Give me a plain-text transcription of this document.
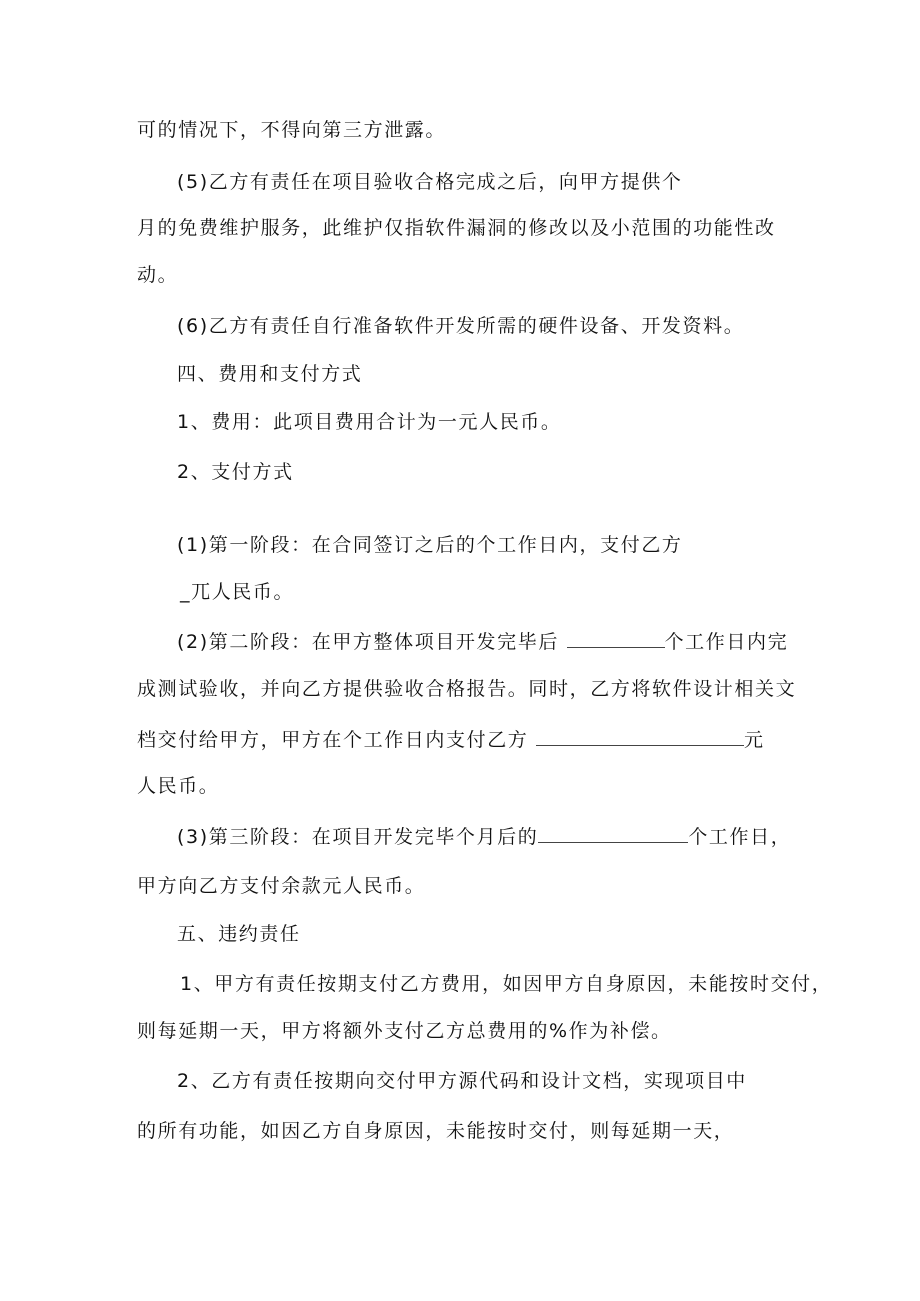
可的情况下，不得向第三方泄露。
(5)乙方有责任在项目验收合格完成之后，向甲方提供个
月的免费维护服务，此维护仅指软件漏洞的修改以及小范围的功能性改
动。
(6)乙方有责任自行准备软件开发所需的硬件设备、开发资料。
四、费用和支付方式
1、费用：此项目费用合计为一元人民币。
2、支付方式
(1)第一阶段：在合同签订之后的个工作日内，支付乙方
_兀人民币。
(2)第二阶段：在甲方整体项目开发完毕后	个工作日内完
成测试验收，并向乙方提供验收合格报告。同时，乙方将软件设计相关文
档交付给甲方，甲方在个工作日内支付乙方	元
人民币。
(3)第三阶段：在项目开发完毕个月后的	个工作日，
甲方向乙方支付余款元人民币。
五、违约责任
1、甲方有责任按期支付乙方费用，如因甲方自身原因，未能按时交付，
则每延期一天，甲方将额外支付乙方总费用的%作为补偿。
2、乙方有责任按期向交付甲方源代码和设计文档，实现项目中
的所有功能，如因乙方自身原因，未能按时交付，则每延期一天，
